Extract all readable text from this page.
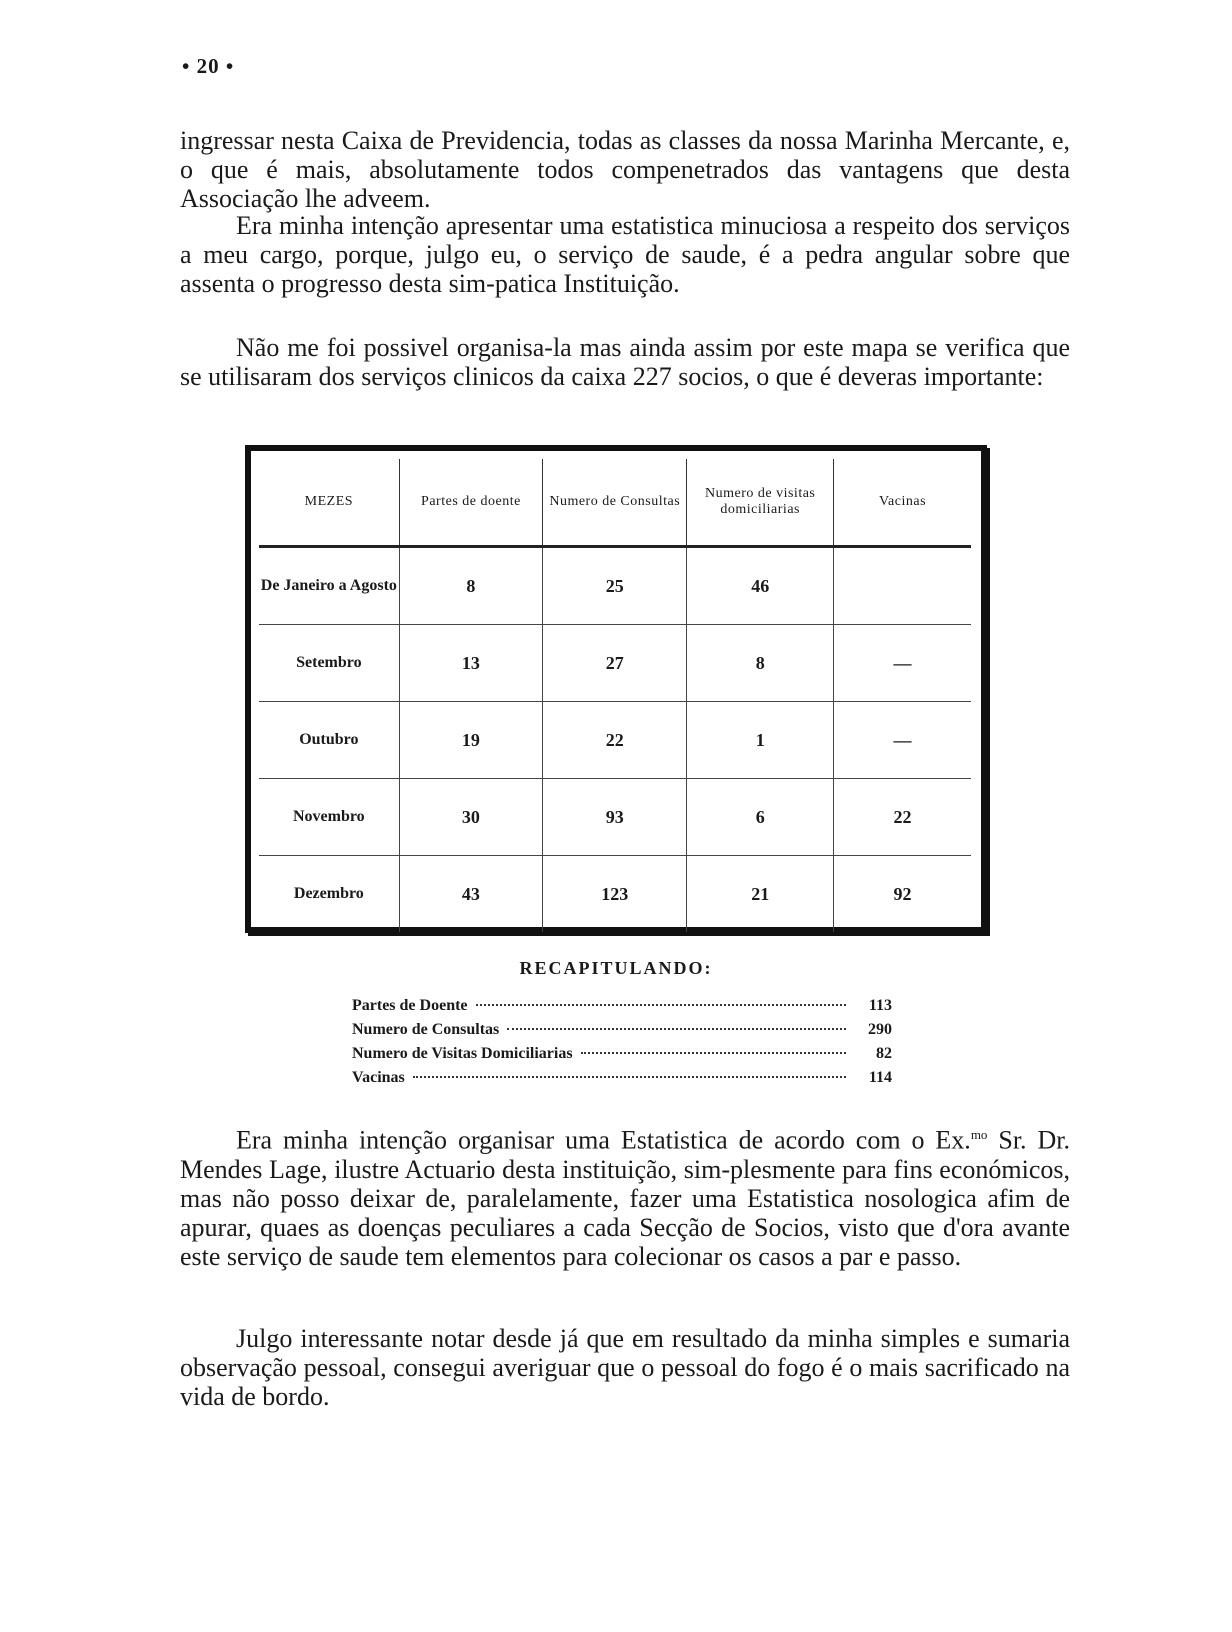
• 20 •

ingressar nesta Caixa de Previdencia, todas as classes da nossa Marinha Mercante, e, o que é mais, absolutamente todos compenetrados das vantagens que desta Associação lhe adveem.

Era minha intenção apresentar uma estatistica minuciosa a respeito dos serviços a meu cargo, porque, julgo eu, o serviço de saude, é a pedra angular sobre que assenta o progresso desta sim-patica Instituição.

Não me foi possivel organisa-la mas ainda assim por este mapa se verifica que se utilisaram dos serviços clinicos da caixa 227 socios, o que é deveras importante:

MEZES	Partes de doente	Numero de Consultas	Numero de visitas domiciliarias	Vacinas
De Janeiro a Agosto	8	25	46	
Setembro	13	27	8	—
Outubro	19	22	1	—
Novembro	30	93	6	22
Dezembro	43	123	21	92
RECAPITULANDO:
Partes de Doente	113
Numero de Consultas	290
Numero de Visitas Domiciliarias	82
Vacinas	114

Era minha intenção organisar uma Estatistica de acordo com o Ex.$^{mo}$ Sr. Dr. Mendes Lage, ilustre Actuario desta instituição, sim-plesmente para fins económicos, mas não posso deixar de, paralelamente, fazer uma Estatistica nosologica afim de apurar, quaes as doenças peculiares a cada Secção de Socios, visto que d'ora avante este serviço de saude tem elementos para colecionar os casos a par e passo.

Julgo interessante notar desde já que em resultado da minha simples e sumaria observação pessoal, consegui averiguar que o pessoal do fogo é o mais sacrificado na vida de bordo.
